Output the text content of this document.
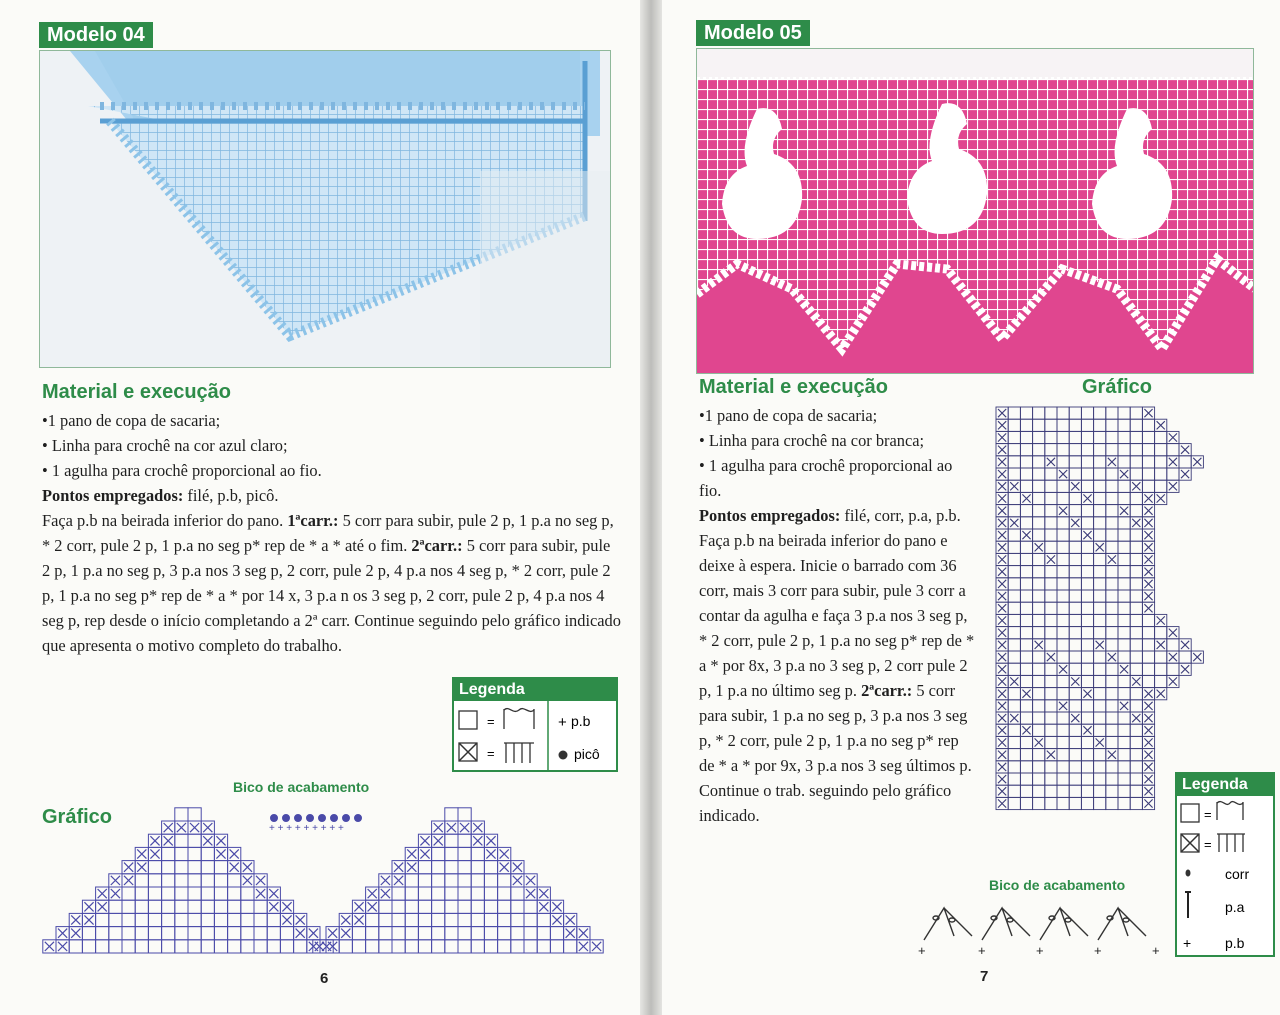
Modelo 04
Material e execução
•1 pano de copa de sacaria;
• Linha para crochê na cor azul claro;
• 1 agulha para crochê proporcional ao fio.
Pontos empregados: filé, p.b, picô.
Faça p.b na beirada inferior do pano. 1ªcarr.: 5 corr para subir, pule 2 p, 1 p.a no seg p, * 2 corr, pule 2 p, 1 p.a no seg p* rep de * a * até o fim. 2ªcarr.: 5 corr para subir, pule 2 p, 1 p.a no seg p, 3 p.a nos 3 seg p, 2 corr, pule 2 p, 4 p.a nos 4 seg p, * 2 corr, pule 2 p, 1 p.a no seg p* rep de * a * por 14 x, 3 p.a n os 3 seg p, 2 corr, pule 2 p, 4 p.a nos 4 seg p, rep desde o início completando a 2ª carr. Continue seguindo pelo gráfico indicado que apresenta o motivo completo do trabalho.
Legenda
=	+ p.b
=	picô
Bico de acabamento
+ + + + + + + + +
Gráfico
6
Modelo 05
Material e execução	Gráfico
•1 pano de copa de sacaria;
• Linha para crochê na cor branca;
• 1 agulha para crochê proporcional ao fio.
Pontos empregados: filé, corr, p.a, p.b.
Faça p.b na beirada inferior do pano e deixe à espera. Inicie o barrado com 36 corr, mais 3 corr para subir, pule 3 corr a contar da agulha e faça 3 p.a nos 3 seg p, * 2 corr, pule 2 p, 1 p.a no seg p* rep de * a * por 8x, 3 p.a no 3 seg p, 2 corr pule 2 p, 1 p.a no último seg p. 2ªcarr.: 5 corr para subir, 1 p.a no seg p, 3 p.a nos 3 seg p, * 2 corr, pule 2 p, 1 p.a no seg p* rep de * a * por 9x, 3 p.a nos 3 seg últimos p. Continue o trab. seguindo pelo gráfico indicado.
Legenda
=
=
corr
p.a
+ p.b
Bico de acabamento
+	+	+	+	+
7
